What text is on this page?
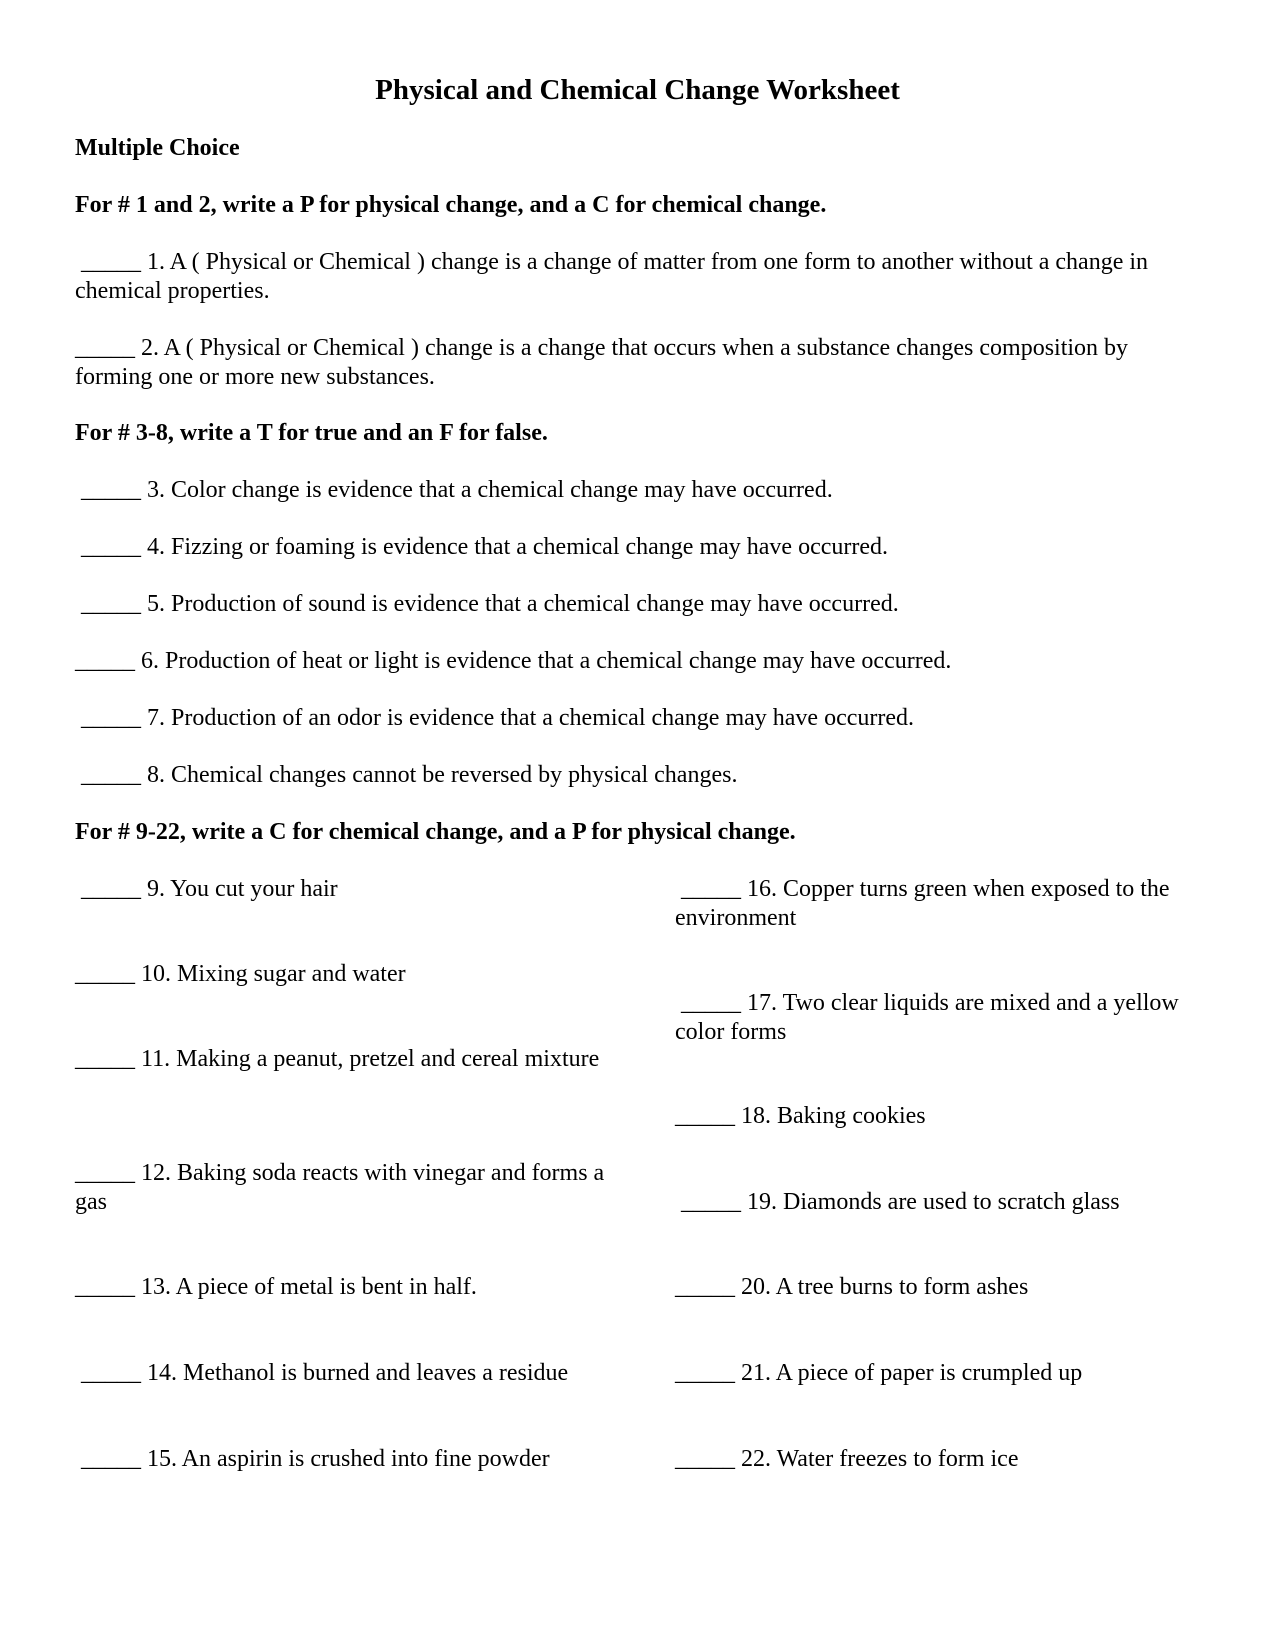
Physical and Chemical Change Worksheet
Multiple Choice
For # 1 and 2, write a P for physical change, and a C for chemical change.
_____ 1. A ( Physical or Chemical ) change is a change of matter from one form to another without a change in chemical properties.
_____ 2. A ( Physical or Chemical ) change is a change that occurs when a substance changes composition by forming one or more new substances.
For # 3-8, write a T for true and an F for false.
_____ 3. Color change is evidence that a chemical change may have occurred.
_____ 4. Fizzing or foaming is evidence that a chemical change may have occurred.
_____ 5. Production of sound is evidence that a chemical change may have occurred.
_____ 6. Production of heat or light is evidence that a chemical change may have occurred.
_____ 7. Production of an odor is evidence that a chemical change may have occurred.
_____ 8. Chemical changes cannot be reversed by physical changes.
For # 9-22, write a C for chemical change, and a P for physical change.
_____ 9. You cut your hair
_____ 10. Mixing sugar and water
_____ 11. Making a peanut, pretzel and cereal mixture
_____ 12. Baking soda reacts with vinegar and forms a gas
_____ 13. A piece of metal is bent in half.
_____ 14. Methanol is burned and leaves a residue
_____ 15. An aspirin is crushed into fine powder
_____ 16. Copper turns green when exposed to the environment
_____ 17. Two clear liquids are mixed and a yellow color forms
_____ 18. Baking cookies
_____ 19. Diamonds are used to scratch glass
_____ 20. A tree burns to form ashes
_____ 21. A piece of paper is crumpled up
_____ 22. Water freezes to form ice
